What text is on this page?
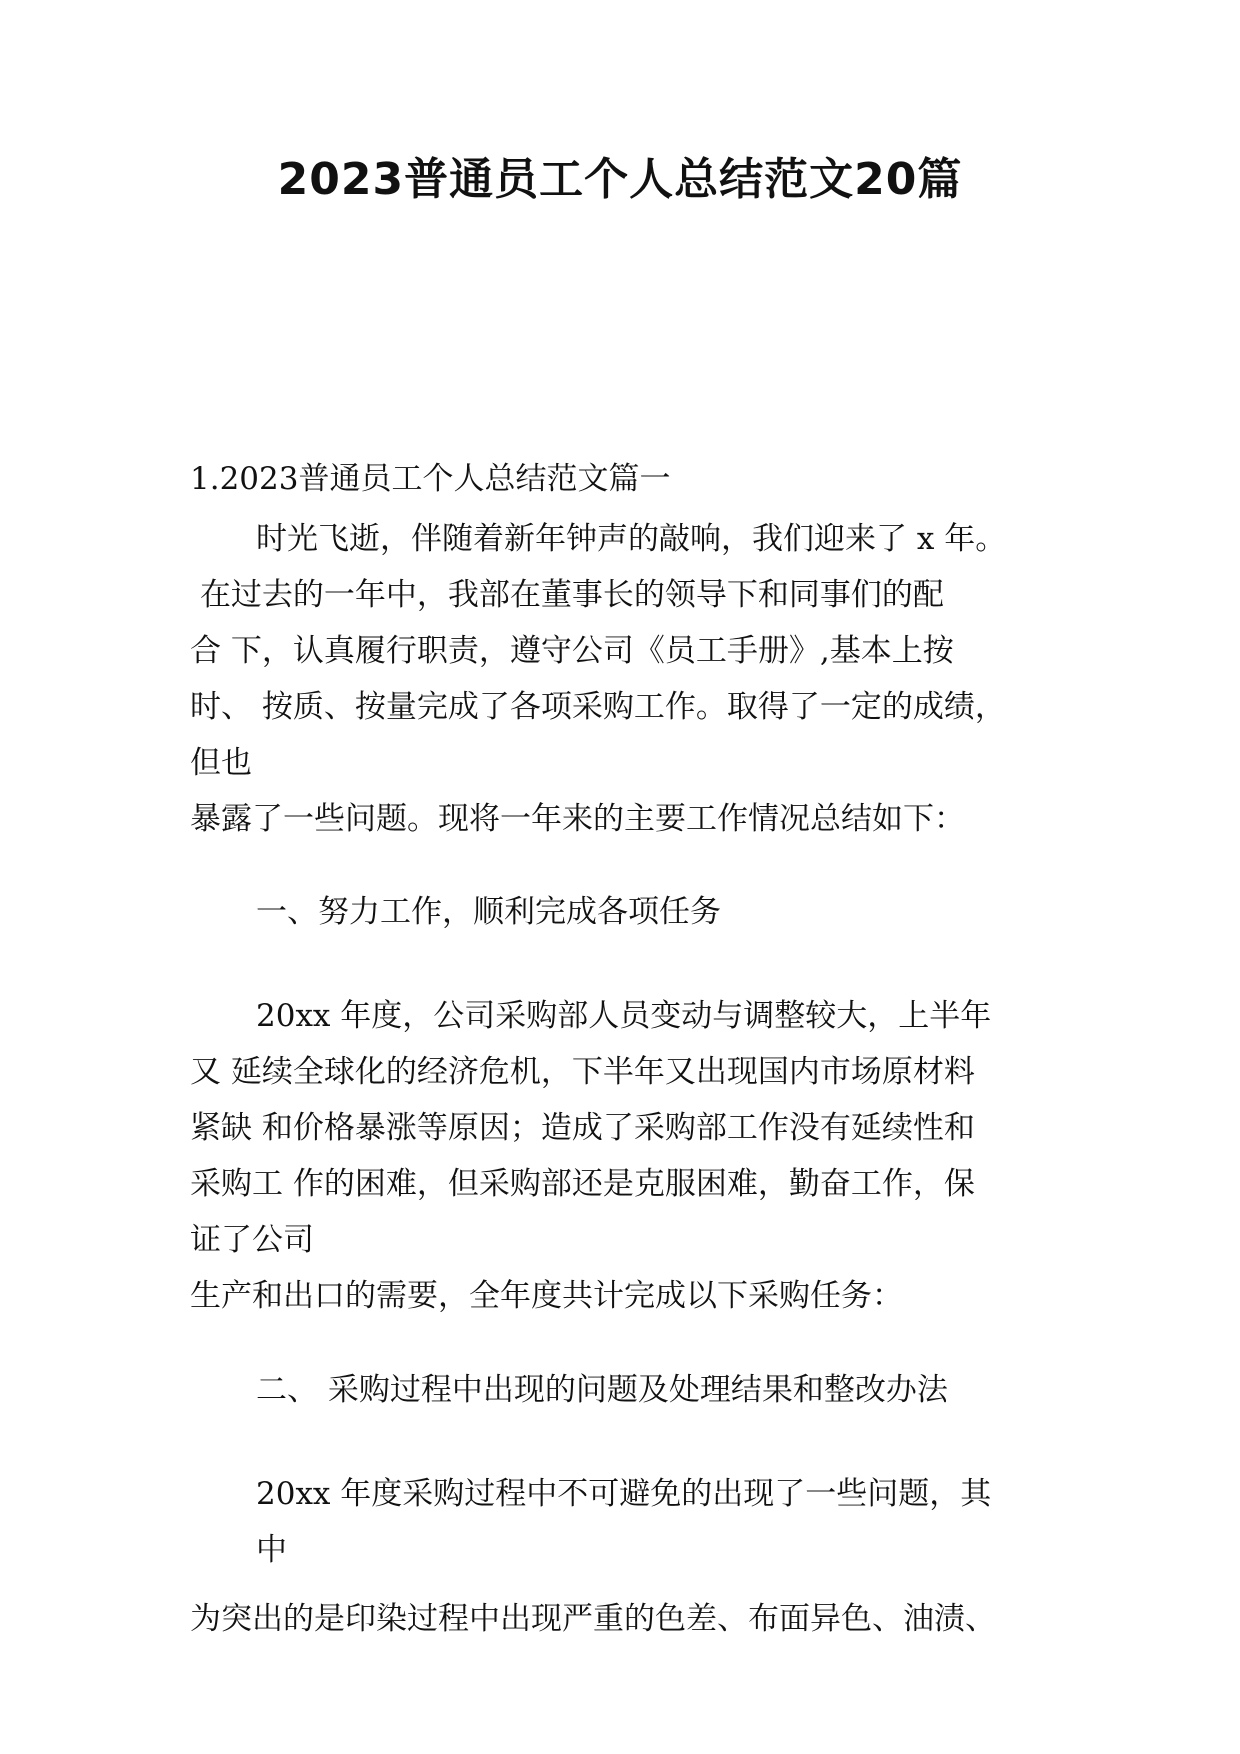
2023普通员工个人总结范文20篇
1.2023普通员工个人总结范文篇一
时光飞逝，伴随着新年钟声的敲响，我们迎来了 x 年。
在过去的一年中，我部在董事长的领导下和同事们的配
合 下，认真履行职责，遵守公司《员工手册》,基本上按
时、 按质、按量完成了各项采购工作。取得了一定的成绩，
但也
暴露了一些问题。现将一年来的主要工作情况总结如下：
一、努力工作，顺利完成各项任务
20xx 年度，公司采购部人员变动与调整较大，上半年
又 延续全球化的经济危机，下半年又出现国内市场原材料
紧缺 和价格暴涨等原因；造成了采购部工作没有延续性和
采购工 作的困难，但采购部还是克服困难，勤奋工作，保
证了公司
生产和出口的需要，全年度共计完成以下采购任务：
二、 采购过程中出现的问题及处理结果和整改办法
20xx 年度采购过程中不可避免的出现了一些问题，其
中
为突出的是印染过程中出现严重的色差、布面异色、油渍、
